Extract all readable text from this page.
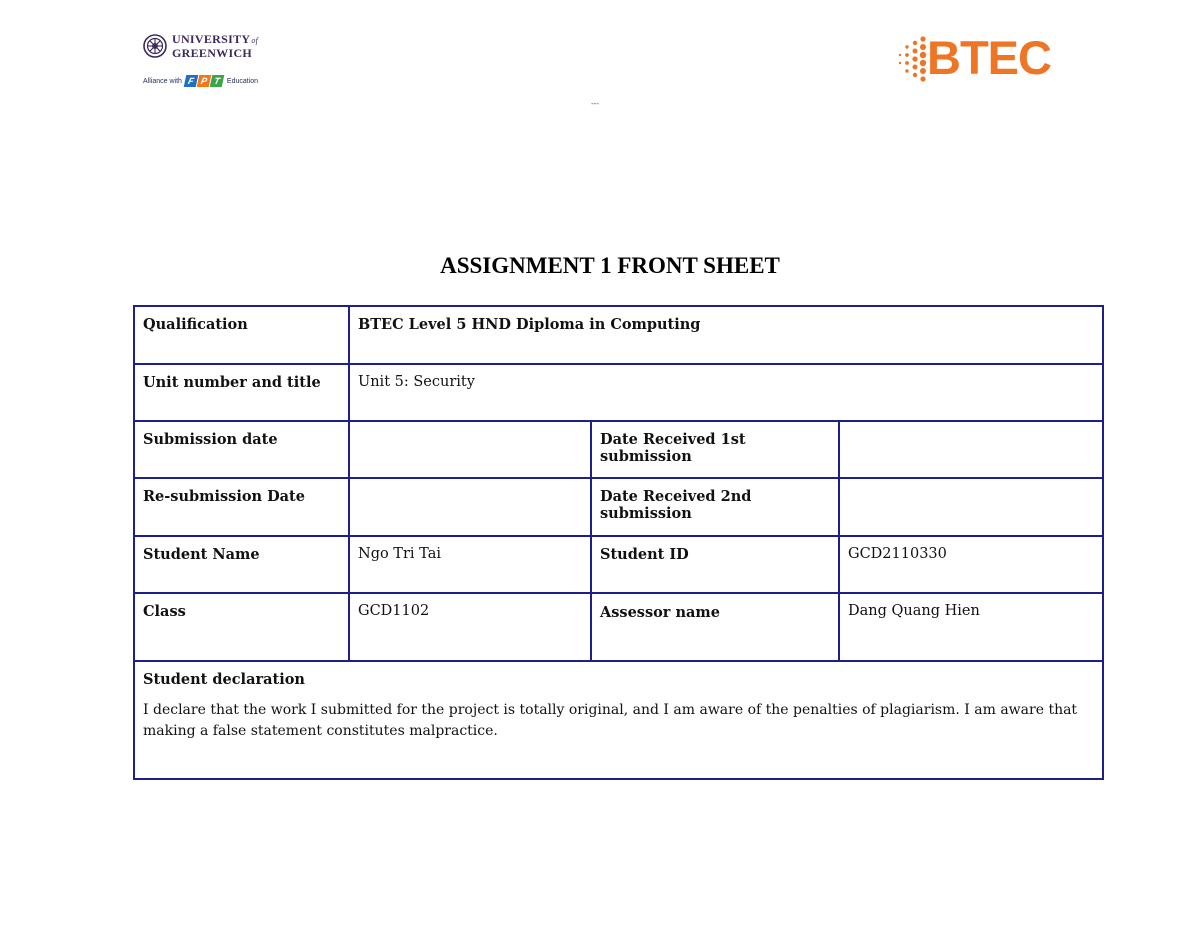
UNIVERSITYof
GREENWICH
Alliance with F P T Education	BTEC
---
ASSIGNMENT 1 FRONT SHEET
Qualification	BTEC Level 5 HND Diploma in Computing		
Unit number and title	Unit 5: Security		
Submission date		Date Received 1st submission	
Re-submission Date		Date Received 2nd submission	
Student Name	Ngo Tri Tai	Student ID	GCD2110330
Class	GCD1102	Assessor name	Dang Quang Hien

Student declaration
I declare that the work I submitted for the project is totally original, and I am aware of the penalties of plagiarism. I am aware that making a false statement constitutes malpractice.			
